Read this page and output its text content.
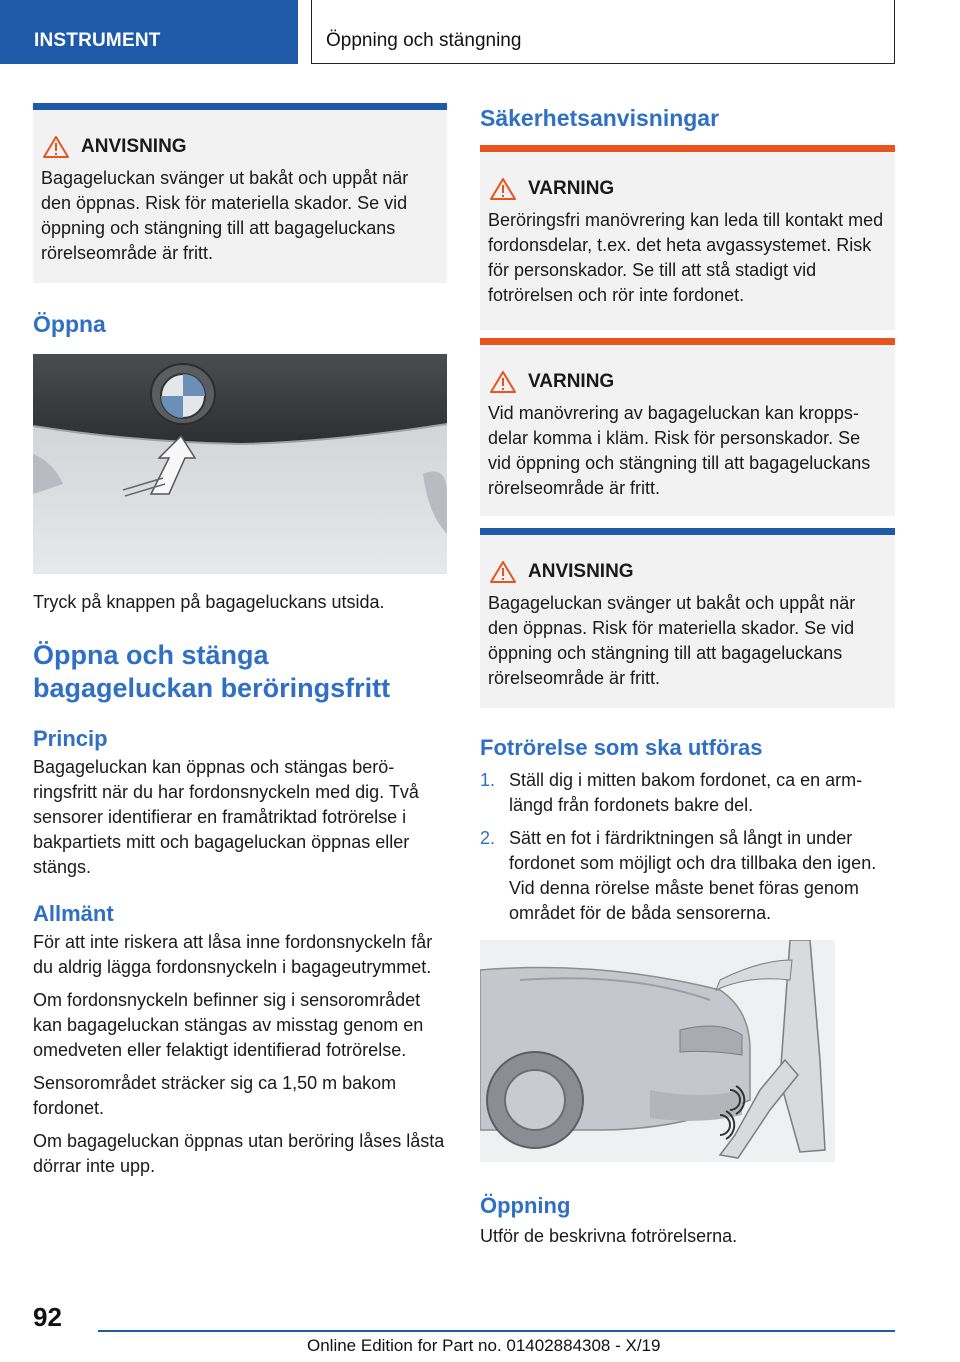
INSTRUMENT	Öppning och stängning
ANVISNING
Bagageluckan svänger ut bakåt och uppåt när den öppnas. Risk för materiella skador. Se vid öppning och stängning till att bagageluckans rörelseområde är fritt.
Öppna
Tryck på knappen på bagageluckans utsida.
Öppna och stänga bagageluckan beröringsfritt
Princip
Bagageluckan kan öppnas och stängas beröringsfritt när du har fordonsnyckeln med dig. Två sensorer identifierar en framåtriktad fotrörelse i bakpartiets mitt och bagageluckan öppnas eller stängs.
Allmänt
För att inte riskera att låsa inne fordonsnyckeln får du aldrig lägga fordonsnyckeln i bagageutrymmet.
Om fordonsnyckeln befinner sig i sensorområdet kan bagageluckan stängas av misstag genom en omedveten eller felaktigt identifierad fotrörelse.
Sensorområdet sträcker sig ca 1,50 m bakom fordonet.
Om bagageluckan öppnas utan beröring låses låsta dörrar inte upp.
Säkerhetsanvisningar
VARNING
Beröringsfri manövrering kan leda till kontakt med fordonsdelar, t.ex. det heta avgassystemet. Risk för personskador. Se till att stå stadigt vid fotrörelsen och rör inte fordonet.
VARNING
Vid manövrering av bagageluckan kan kroppsdelar komma i kläm. Risk för personskador. Se vid öppning och stängning till att bagageluckans rörelseområde är fritt.
ANVISNING
Bagageluckan svänger ut bakåt och uppåt när den öppnas. Risk för materiella skador. Se vid öppning och stängning till att bagageluckans rörelseområde är fritt.
Fotrörelse som ska utföras
1. Ställ dig i mitten bakom fordonet, ca en armlängd från fordonets bakre del.
2. Sätt en fot i färdriktningen så långt in under fordonet som möjligt och dra tillbaka den igen. Vid denna rörelse måste benet föras genom området för de båda sensorerna.
Öppning
Utför de beskrivna fotrörelserna.
92
Online Edition for Part no. 01402884308 - X/19
